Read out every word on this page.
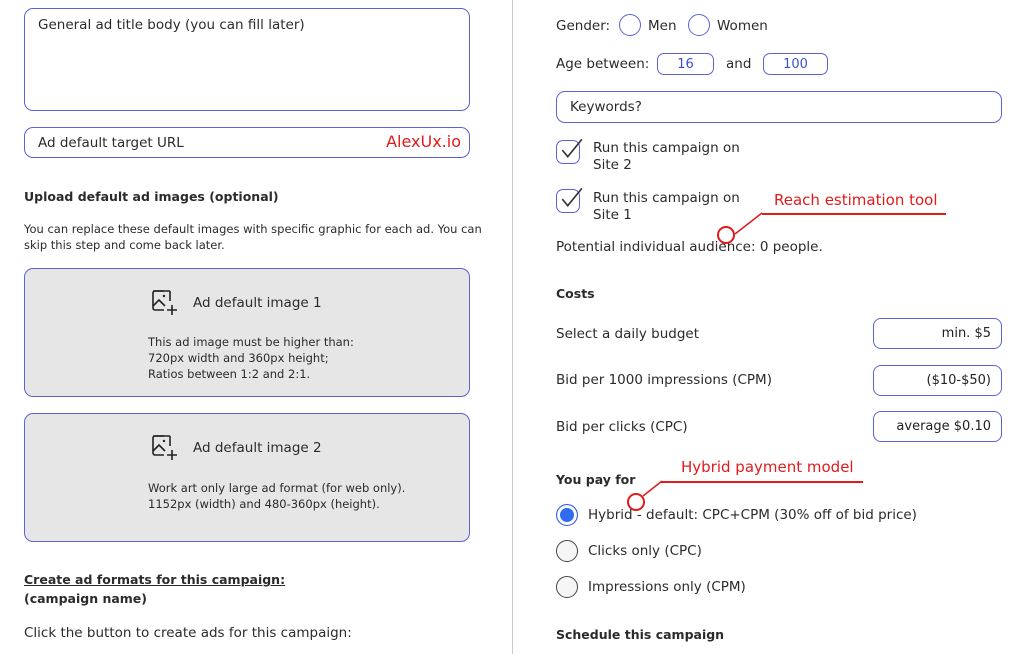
General ad title body (you can fill later)
Ad default target URL	AlexUx.io
Upload default ad images (optional)
You can replace these default images with specific graphic for each ad. You can
skip this step and come back later.
Ad default image 1
This ad image must be higher than:
720px width and 360px height;
Ratios between 1:2 and 2:1.
Ad default image 2
Work art only large ad format (for web only).
1152px (width) and 480-360px (height).
Create ad formats for this campaign:
(campaign name)
Click the button to create ads for this campaign:
Gender:	Men	Women
Age between:	16	and	100
Keywords?
Run this campaign on
Site 2
Run this campaign on
Site 1
Reach estimation tool
Potential individual audience: 0 people.
Costs
Select a daily budget	min. $5
Bid per 1000 impressions (CPM)	($10-$50)
Bid per clicks (CPC)	average $0.10
You pay for
Hybrid payment model
Hybrid - default: CPC+CPM (30% off of bid price)
Clicks only (CPC)
Impressions only (CPM)
Schedule this campaign
